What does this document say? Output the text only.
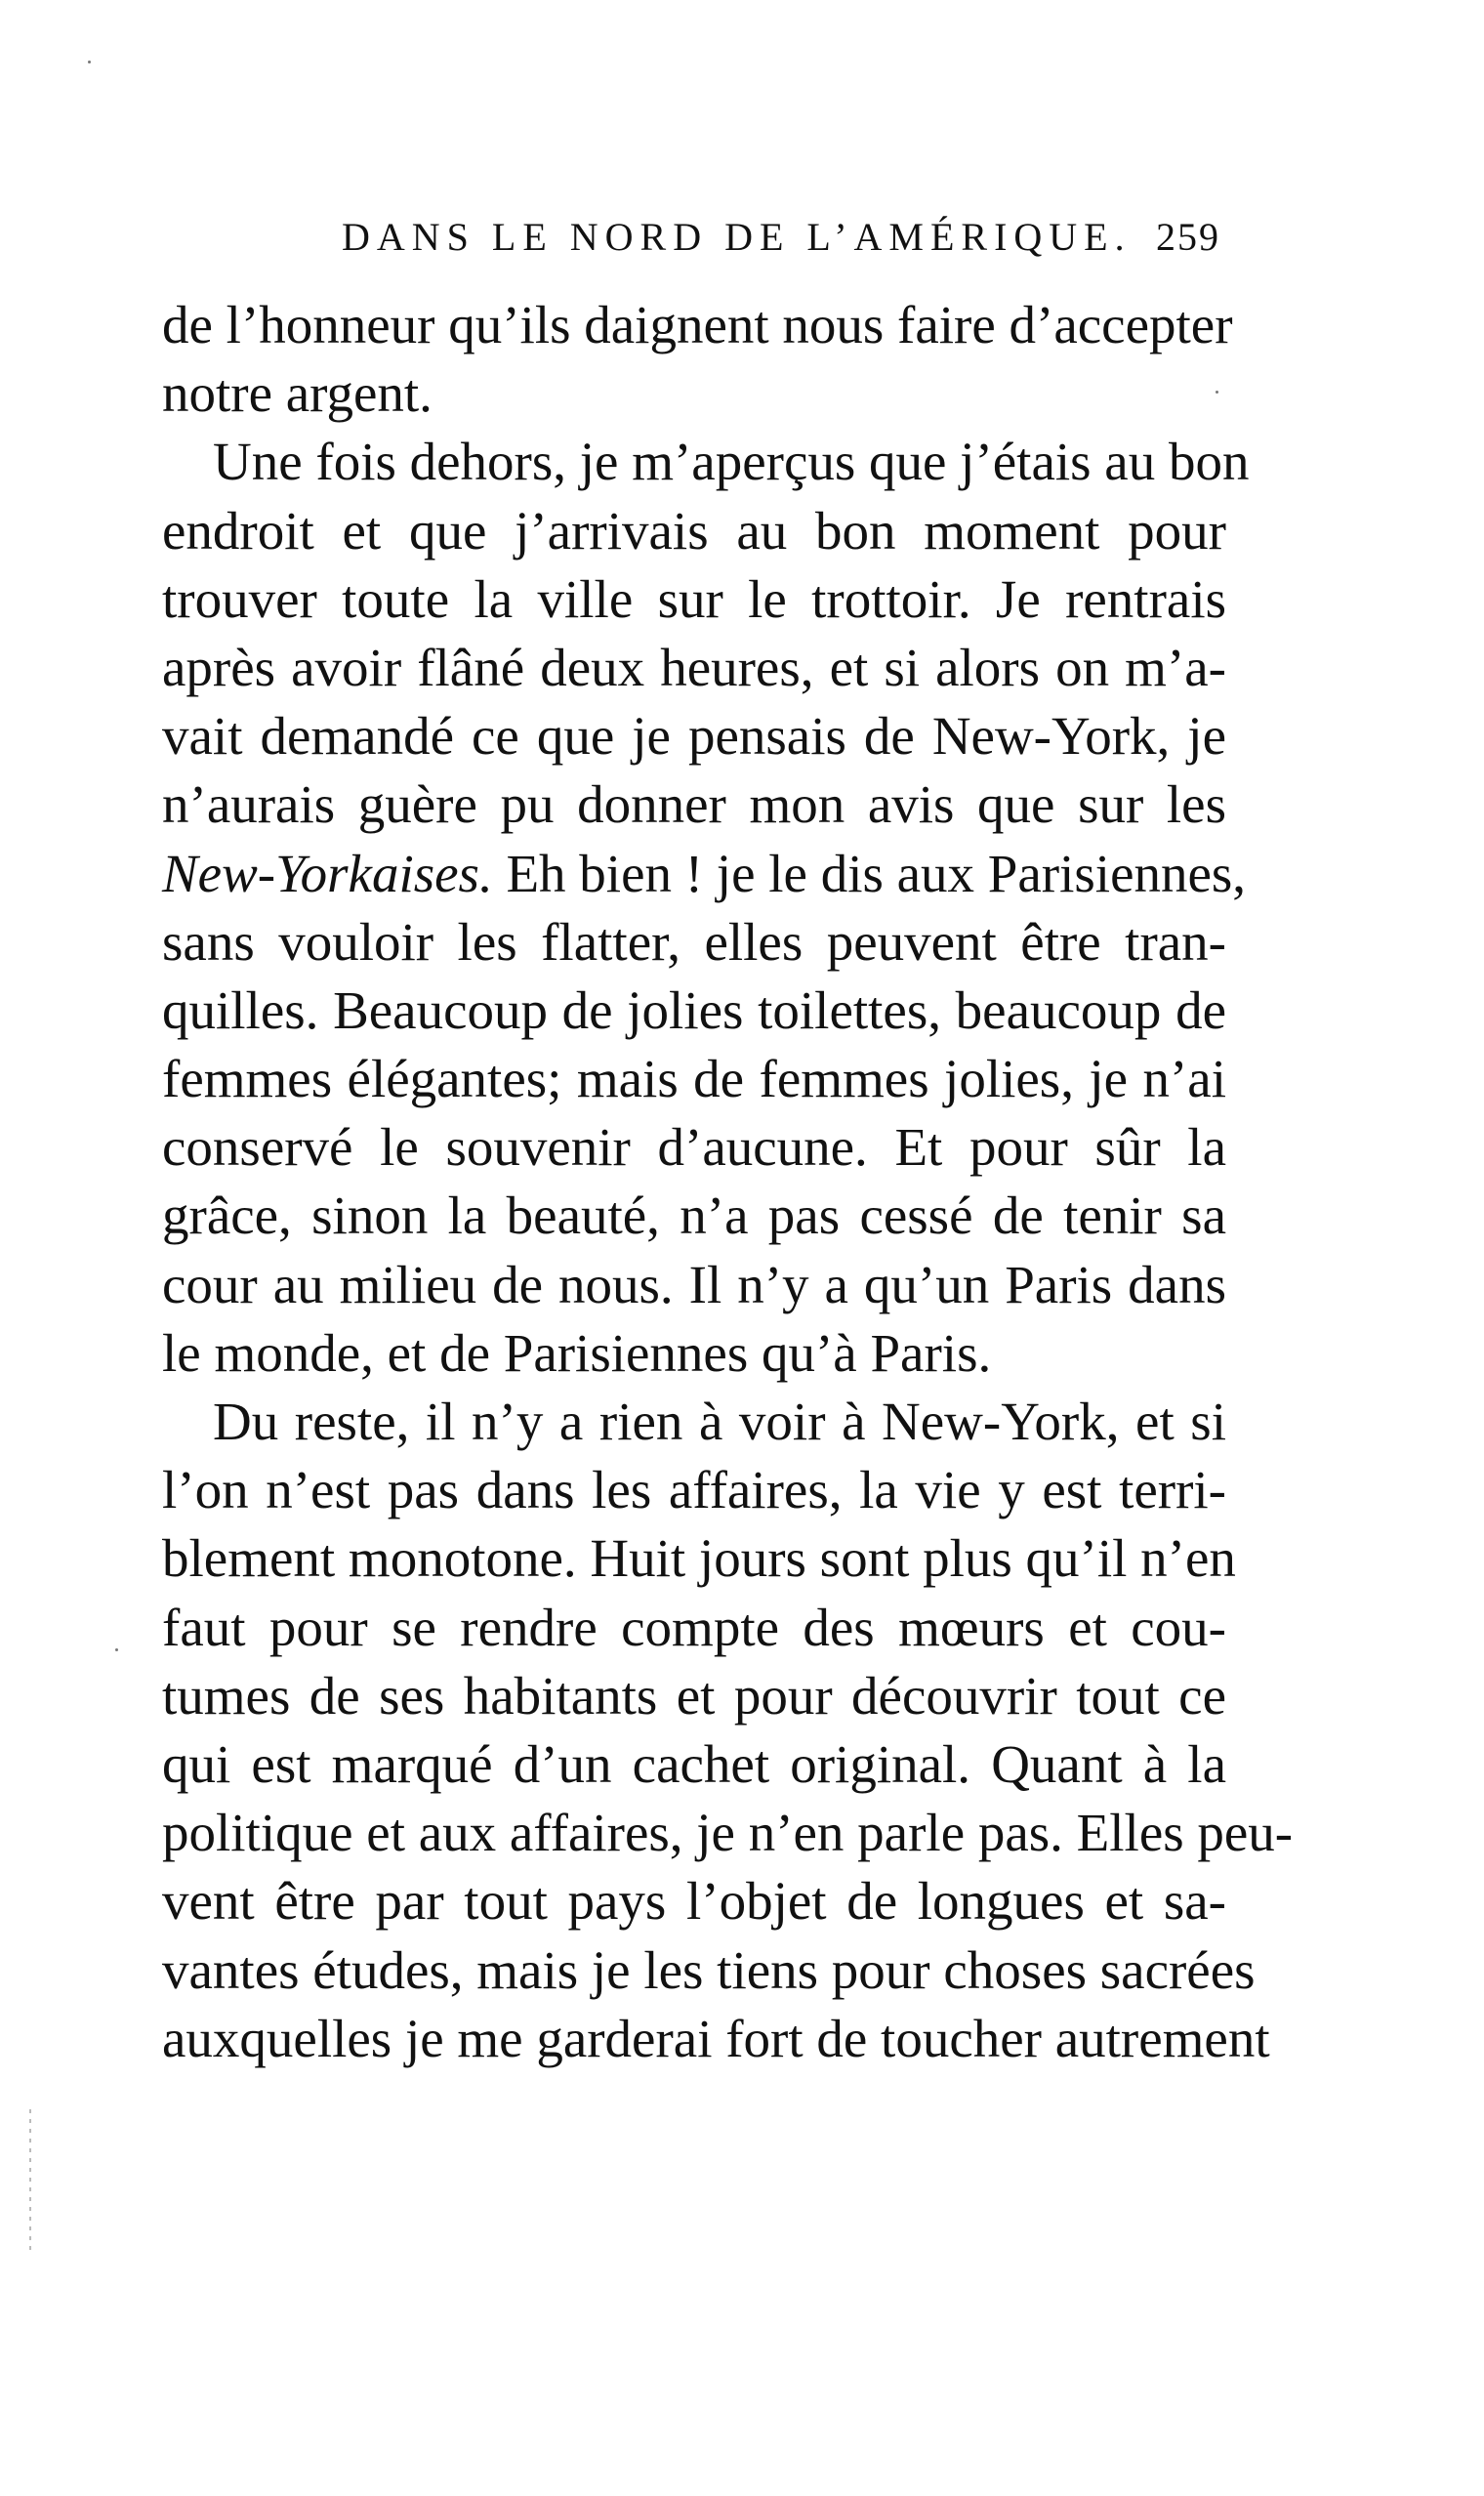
DANS LE NORD DE L’AMÉRIQUE. 259
de l’honneur qu’ils daignent nous faire d’accepter
notre argent.
Une fois dehors, je m’aperçus que j’étais au bon
endroit et que j’arrivais au bon moment pour
trouver toute la ville sur le trottoir. Je rentrais
après avoir flâné deux heures, et si alors on m’a-
vait demandé ce que je pensais de New-York, je
n’aurais guère pu donner mon avis que sur les
New-Yorkaises. Eh bien ! je le dis aux Parisiennes,
sans vouloir les flatter, elles peuvent être tran-
quilles. Beaucoup de jolies toilettes, beaucoup de
femmes élégantes; mais de femmes jolies, je n’ai
conservé le souvenir d’aucune. Et pour sûr la
grâce, sinon la beauté, n’a pas cessé de tenir sa
cour au milieu de nous. Il n’y a qu’un Paris dans
le monde, et de Parisiennes qu’à Paris.
Du reste, il n’y a rien à voir à New-York, et si
l’on n’est pas dans les affaires, la vie y est terri-
blement monotone. Huit jours sont plus qu’il n’en
faut pour se rendre compte des mœurs et cou-
tumes de ses habitants et pour découvrir tout ce
qui est marqué d’un cachet original. Quant à la
politique et aux affaires, je n’en parle pas. Elles peu-
vent être par tout pays l’objet de longues et sa-
vantes études, mais je les tiens pour choses sacrées
auxquelles je me garderai fort de toucher autrement
